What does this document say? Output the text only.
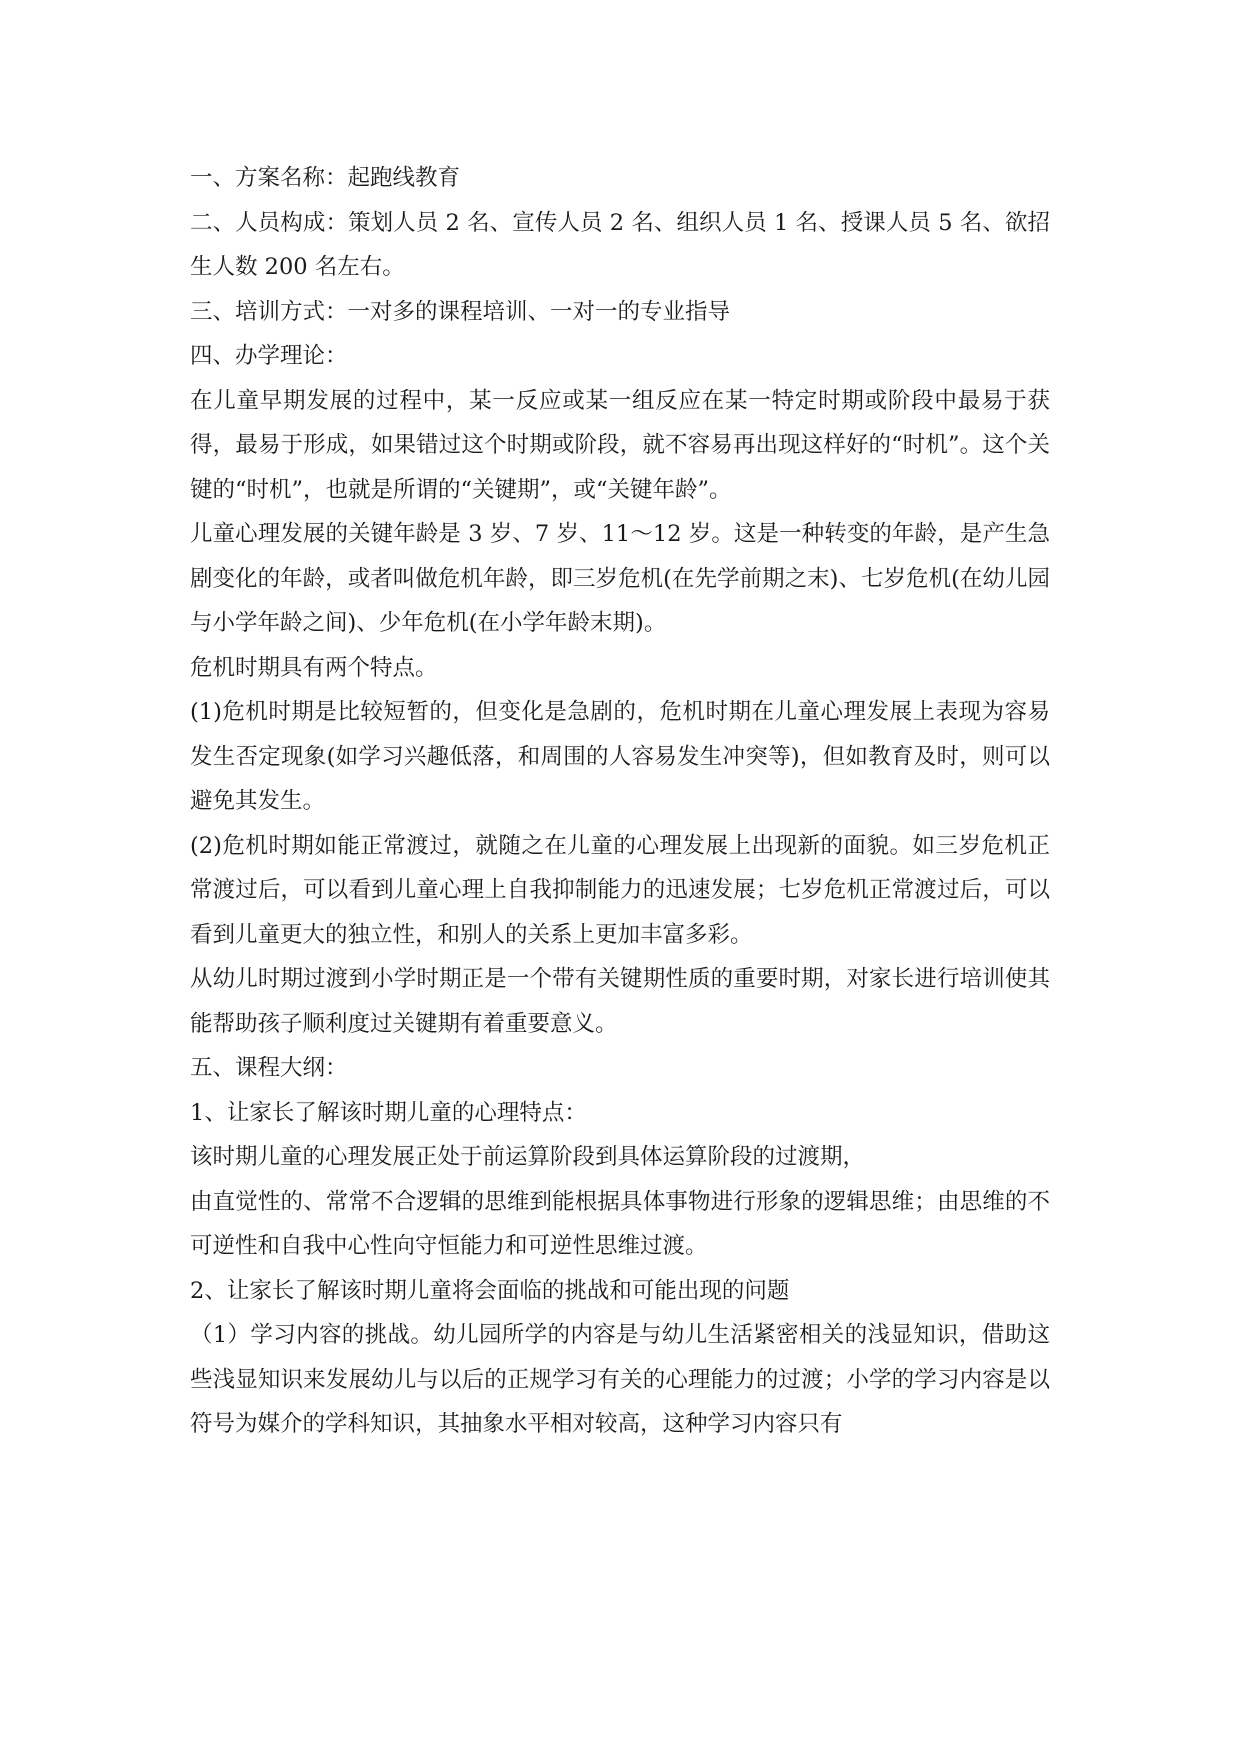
一、方案名称：起跑线教育

二、人员构成：策划人员 2 名、宣传人员 2 名、组织人员 1 名、授课人员 5 名、欲招生人数 200 名左右。

三、培训方式：一对多的课程培训、一对一的专业指导

四、办学理论：

在儿童早期发展的过程中，某一反应或某一组反应在某一特定时期或阶段中最易于获得，最易于形成，如果错过这个时期或阶段，就不容易再出现这样好的“时机”。这个关键的“时机”，也就是所谓的“关键期”，或“关键年龄”。

儿童心理发展的关键年龄是 3 岁、7 岁、11～12 岁。这是一种转变的年龄，是产生急剧变化的年龄，或者叫做危机年龄，即三岁危机(在先学前期之末)、七岁危机(在幼儿园与小学年龄之间)、少年危机(在小学年龄末期)。

危机时期具有两个特点。

(1)危机时期是比较短暂的，但变化是急剧的，危机时期在儿童心理发展上表现为容易发生否定现象(如学习兴趣低落，和周围的人容易发生冲突等)，但如教育及时，则可以避免其发生。

(2)危机时期如能正常渡过，就随之在儿童的心理发展上出现新的面貌。如三岁危机正常渡过后，可以看到儿童心理上自我抑制能力的迅速发展；七岁危机正常渡过后，可以看到儿童更大的独立性，和别人的关系上更加丰富多彩。

从幼儿时期过渡到小学时期正是一个带有关键期性质的重要时期，对家长进行培训使其能帮助孩子顺利度过关键期有着重要意义。

五、课程大纲：

1、让家长了解该时期儿童的心理特点：

该时期儿童的心理发展正处于前运算阶段到具体运算阶段的过渡期，

由直觉性的、常常不合逻辑的思维到能根据具体事物进行形象的逻辑思维；由思维的不可逆性和自我中心性向守恒能力和可逆性思维过渡。

2、让家长了解该时期儿童将会面临的挑战和可能出现的问题

（1）学习内容的挑战。幼儿园所学的内容是与幼儿生活紧密相关的浅显知识，借助这些浅显知识来发展幼儿与以后的正规学习有关的心理能力的过渡；小学的学习内容是以符号为媒介的学科知识，其抽象水平相对较高，这种学习内容只有
